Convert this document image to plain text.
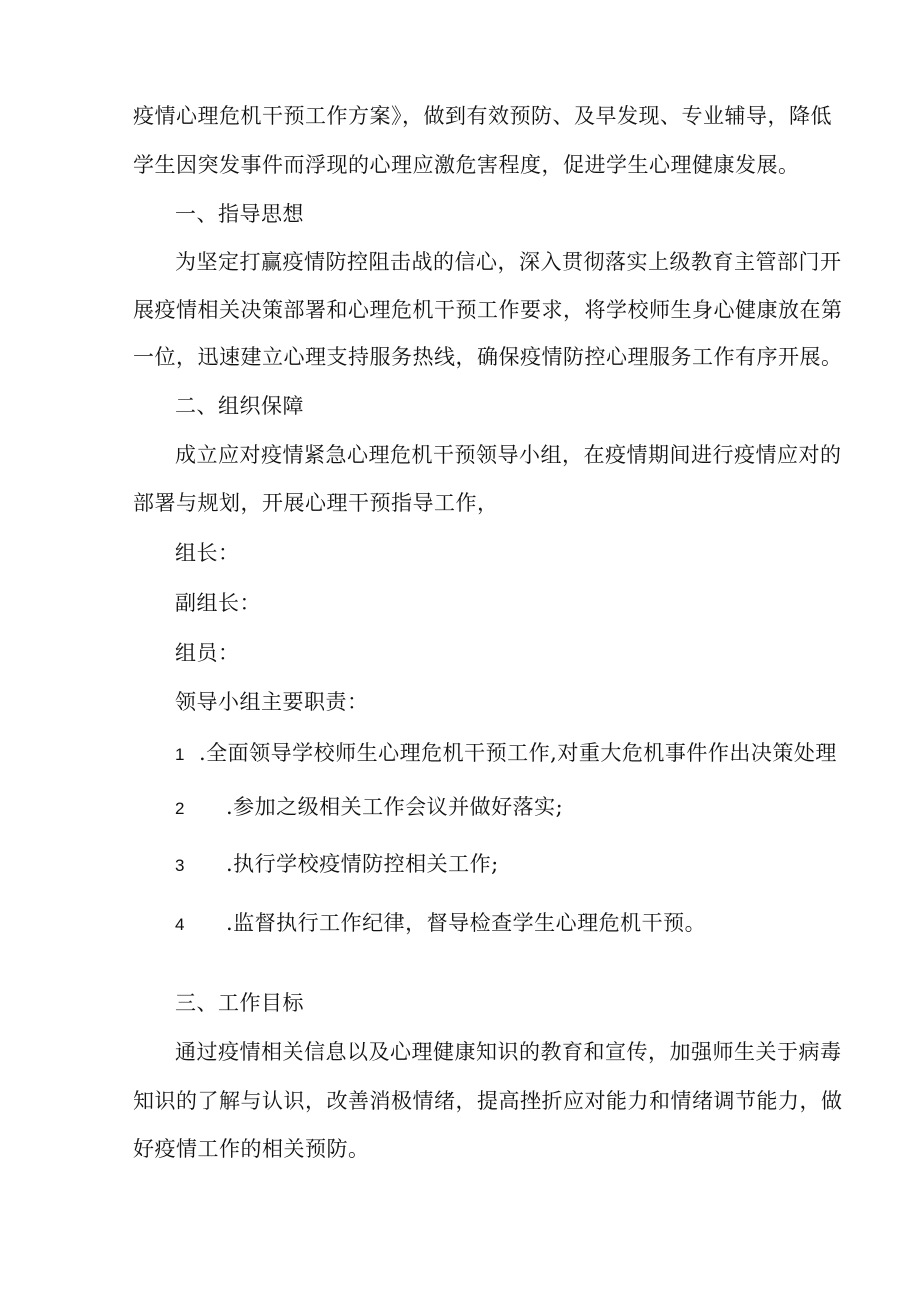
疫情心理危机干预工作方案》，做到有效预防、及早发现、专业辅导，降低
学生因突发事件而浮现的心理应激危害程度，促进学生心理健康发展。
一、指导思想
为坚定打赢疫情防控阻击战的信心，深入贯彻落实上级教育主管部门开
展疫情相关决策部署和心理危机干预工作要求，将学校师生身心健康放在第
一位，迅速建立心理支持服务热线，确保疫情防控心理服务工作有序开展。
二、组织保障
成立应对疫情紧急心理危机干预领导小组，在疫情期间进行疫情应对的
部署与规划，开展心理干预指导工作，
组长：
副组长：
组员：
领导小组主要职责：
1 .全面领导学校师生心理危机干预工作,对重大危机事件作出决策处理
2 .参加之级相关工作会议并做好落实;
3 .执行学校疫情防控相关工作;
4 .监督执行工作纪律，督导检查学生心理危机干预。
三、工作目标
通过疫情相关信息以及心理健康知识的教育和宣传，加强师生关于病毒
知识的了解与认识，改善消极情绪，提高挫折应对能力和情绪调节能力，做
好疫情工作的相关预防。
